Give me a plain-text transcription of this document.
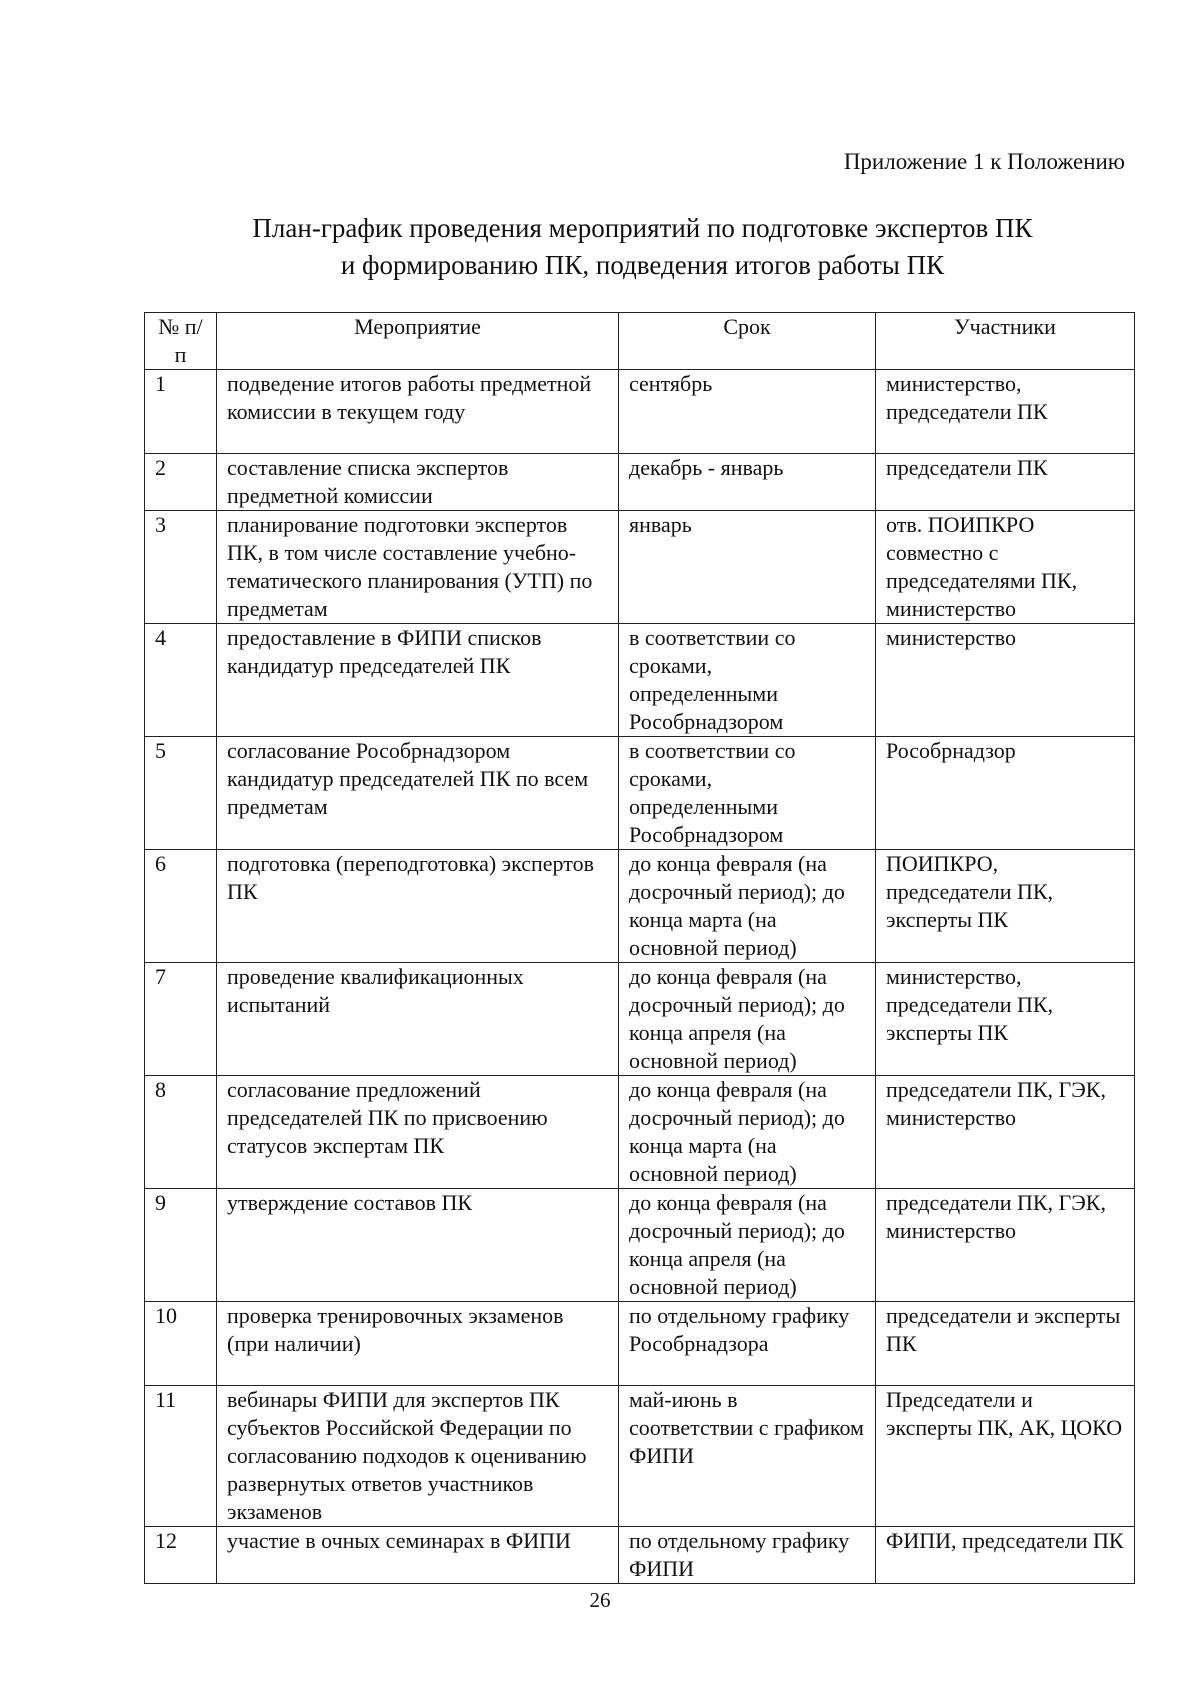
Приложение 1 к Положению
План-график проведения мероприятий по подготовке экспертов ПК
и формированию ПК, подведения итогов работы ПК
№ п/п	Мероприятие	Срок	Участники
1	подведение итогов работы предметной комиссии в текущем году	сентябрь	министерство, председатели ПК
2	составление списка экспертов предметной комиссии	декабрь - январь	председатели ПК
3	планирование подготовки экспертов ПК, в том числе составление учебно-тематического планирования (УТП) по предметам	январь	отв. ПОИПКРО совместно с председателями ПК, министерство
4	предоставление в ФИПИ списков кандидатур председателей ПК	в соответствии со сроками, определенными Рособрнадзором	министерство
5	согласование Рособрнадзором кандидатур председателей ПК по всем предметам	в соответствии со сроками, определенными Рособрнадзором	Рособрнадзор
6	подготовка (переподготовка) экспертов ПК	до конца февраля (на досрочный период); до конца марта (на основной период)	ПОИПКРО, председатели ПК, эксперты ПК
7	проведение квалификационных испытаний	до конца февраля (на досрочный период); до конца апреля (на основной период)	министерство, председатели ПК, эксперты ПК
8	согласование предложений председателей ПК по присвоению статусов экспертам ПК	до конца февраля (на досрочный период); до конца марта (на основной период)	председатели ПК, ГЭК, министерство
9	утверждение составов ПК	до конца февраля (на досрочный период); до конца апреля (на основной период)	председатели ПК, ГЭК, министерство
10	проверка тренировочных экзаменов (при наличии)	по отдельному графику Рособрнадзора	председатели и эксперты ПК
11	вебинары ФИПИ для экспертов ПК субъектов Российской Федерации по согласованию подходов к оцениванию развернутых ответов участников экзаменов	май-июнь в соответствии с графиком ФИПИ	Председатели и эксперты ПК, АК, ЦОКО
12	участие в очных семинарах в ФИПИ	по отдельному графику ФИПИ	ФИПИ, председатели ПК
26
